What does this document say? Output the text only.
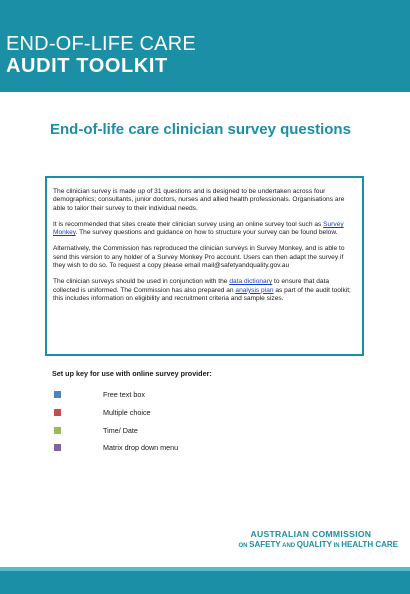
END-OF-LIFE CARE
AUDIT TOOLKIT
End-of-life care clinician survey questions

The clinician survey is made up of 31 questions and is designed to be undertaken across four demographics; consultants, junior doctors, nurses and allied health professionals. Organisations are able to tailor their survey to their individual needs.

It is recommended that sites create their clinician survey using an online survey tool such as Survey Monkey. The survey questions and guidance on how to structure your survey can be found below.

Alternatively, the Commission has reproduced the clinician surveys in Survey Monkey, and is able to send this version to any holder of a Survey Monkey Pro account. Users can then adapt the survey if they wish to do so. To request a copy please email mail@safetyandquality.gov.au

The clinician surveys should be used in conjunction with the data dictionary to ensure that data collected is uniformed. The Commission has also prepared an analysis plan as part of the audit toolkit; this includes information on eligibility and recruitment criteria and sample sizes.

Set up key for use with online survey provider:
Free text box
Multiple choice
Time/ Date
Matrix drop down menu
AUSTRALIAN COMMISSION
ON SAFETY AND QUALITY IN HEALTH CARE
